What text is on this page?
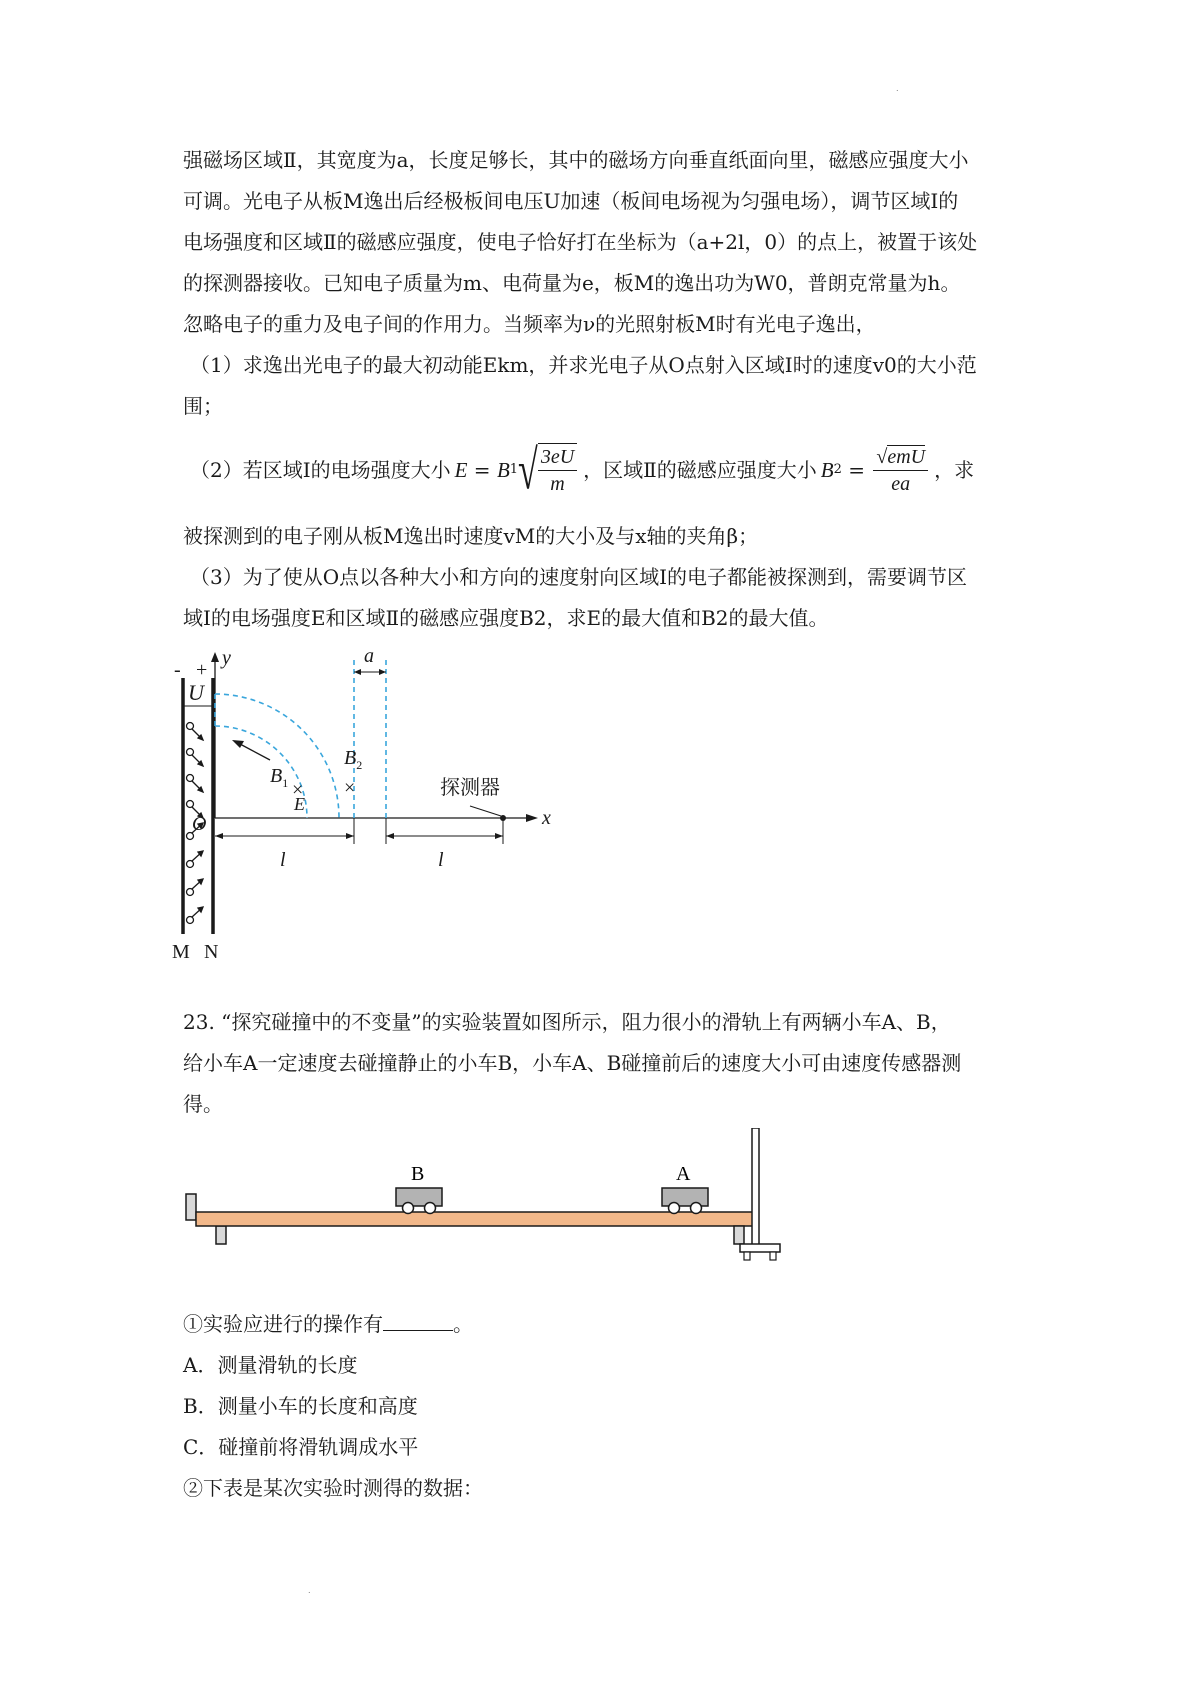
.
强磁场区域Ⅱ，其宽度为a，长度足够长，其中的磁场方向垂直纸面向里，磁感应强度大小
可调。光电子从板M逸出后经极板间电压U加速（板间电场视为匀强电场），调节区域Ⅰ的
电场强度和区域Ⅱ的磁感应强度，使电子恰好打在坐标为（a+2l，0）的点上，被置于该处
的探测器接收。已知电子质量为m、电荷量为e，板M的逸出功为W0，普朗克常量为h。
忽略电子的重力及电子间的作用力。当频率为ν的光照射板M时有光电子逸出，
（1）求逸出光电子的最大初动能Ekm，并求光电子从O点射入区域Ⅰ时的速度v0的大小范
围；
（2）若区域Ⅰ的电场强度大小 E = B 1 √ $\frac{3eU}{m}$ ，区域Ⅱ的磁感应强度大小 B $2 = \frac{\text{√emU}}{ea}$ ，求
被探测到的电子刚从板M逸出时速度vM的大小及与x轴的夹角β；
（3）为了使从O点以各种大小和方向的速度射向区域Ⅰ的电子都能被探测到，需要调节区
域Ⅰ的电场强度E和区域Ⅱ的磁感应强度B2，求E的最大值和B2的最大值。
- +
U
y
x
O
$B_1$ ×
E
$B_2$
×
a
l	l
探测器
M N
23. “探究碰撞中的不变量”的实验装置如图所示，阻力很小的滑轨上有两辆小车A、B，
给小车A一定速度去碰撞静止的小车B，小车A、B碰撞前后的速度大小可由速度传感器测
得。
B	A
①实验应进行的操作有	。
A．测量滑轨的长度
B．测量小车的长度和高度
C．碰撞前将滑轨调成水平
②下表是某次实验时测得的数据：
.
